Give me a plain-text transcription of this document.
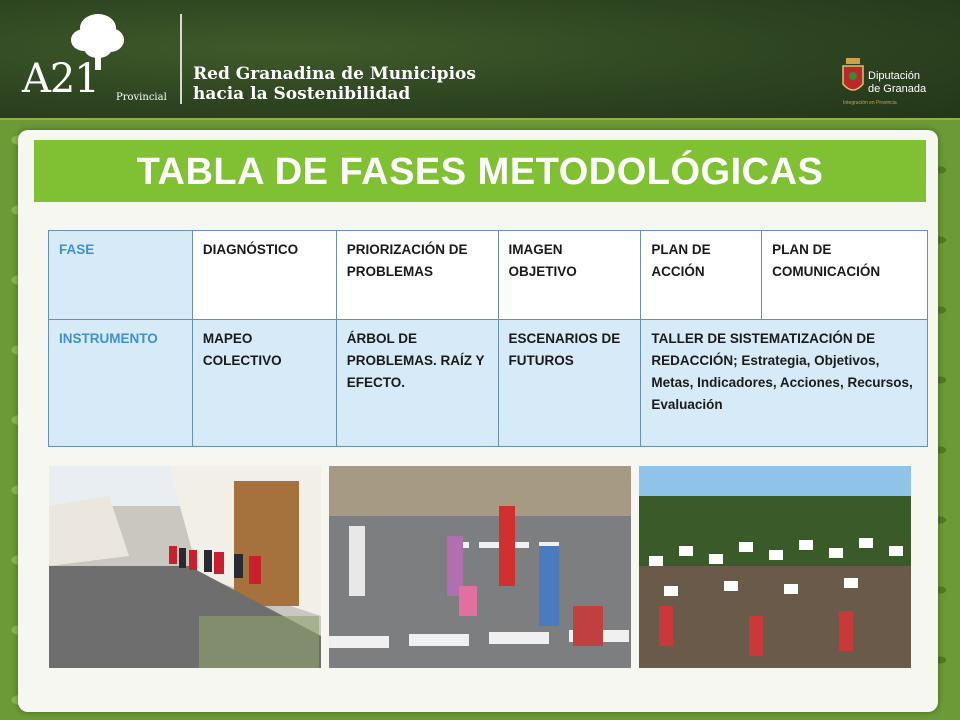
A21 Provincial
Red Granadina de Municipios
hacia la Sostenibilidad
Diputación
de Granada
Integración en Provincia
TABLA DE FASES METODOLÓGICAS
FASE	DIAGNÓSTICO	PRIORIZACIÓN DE PROBLEMAS	IMAGEN OBJETIVO	PLAN DE ACCIÓN	PLAN DE COMUNICACIÓN
INSTRUMENTO	MAPEO COLECTIVO	ÁRBOL DE PROBLEMAS. RAÍZ Y EFECTO.	ESCENARIOS DE FUTUROS	TALLER DE SISTEMATIZACIÓN DE REDACCIÓN; Estrategia, Objetivos, Metas, Indicadores, Acciones, Recursos, Evaluación	
